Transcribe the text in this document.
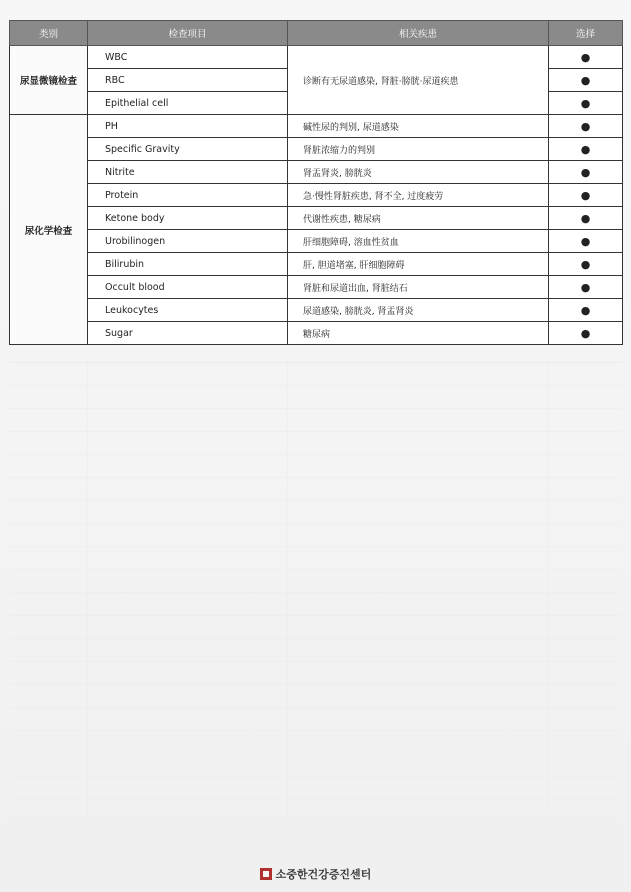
类别	检查项目	相关疾患	选择
尿显微镜检查	WBC	诊断有无尿道感染, 肾脏·膀胱·尿道疾患	●
	RBC		●
	Epithelial cell		●
尿化学检查	PH	碱性尿的判别, 尿道感染	●
	Specific Gravity	肾脏浓缩力的判别	●
	Nitrite	肾盂肾炎, 膀胱炎	●
	Protein	急·慢性肾脏疾患, 肾不全, 过度疲劳	●
	Ketone body	代谢性疾患, 糖尿病	●
	Urobilinogen	肝细胞障碍, 溶血性贫血	●
	Bilirubin	肝, 胆道堵塞, 肝细胞障碍	●
	Occult blood	肾脏和尿道出血, 肾脏结石	●
	Leukocytes	尿道感染, 膀胱炎, 肾盂肾炎	●
	Sugar	糖尿病	●
소중한건강증진센터
